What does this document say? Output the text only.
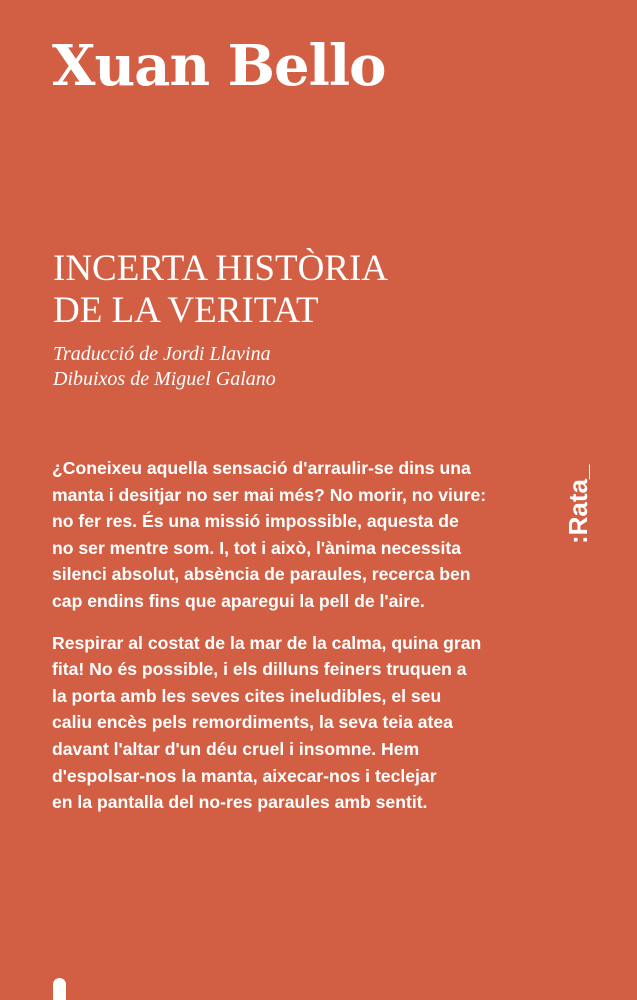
Xuan Bello
INCERTA HISTÒRIA
DE LA VERITAT
Traducció de Jordi Llavina
Dibuixos de Miguel Galano

¿Coneixeu aquella sensació d'arraulir-se dins una
manta i desitjar no ser mai més? No morir, no viure:
no fer res. És una missió impossible, aquesta de
no ser mentre som. I, tot i això, l'ànima necessita
silenci absolut, absència de paraules, recerca ben
cap endins fins que aparegui la pell de l'aire.

Respirar al costat de la mar de la calma, quina gran
fita! No és possible, i els dilluns feiners truquen a
la porta amb les seves cites ineludibles, el seu
caliu encès pels remordiments, la seva teia atea
davant l'altar d'un déu cruel i insomne. Hem
d'espolsar-nos la manta, aixecar-nos i teclejar
en la pantalla del no-res paraules amb sentit.

:Rata_
